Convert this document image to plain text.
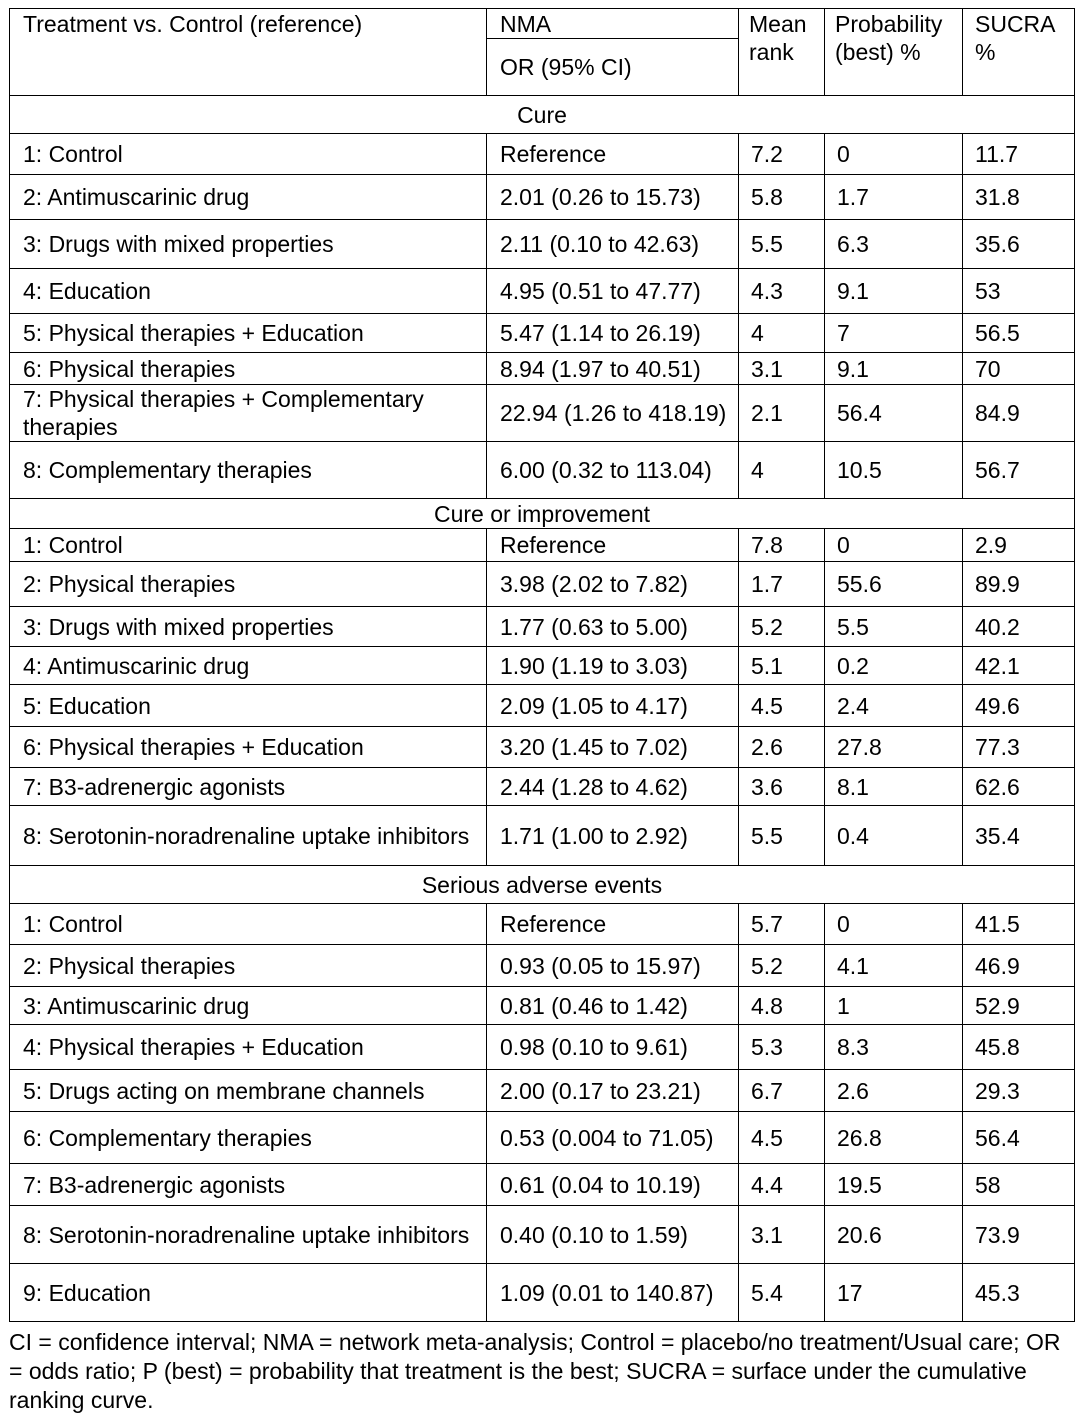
Treatment vs. Control (reference)	NMA	Mean rank	Probability (best) %	SUCRA %
	OR (95% CI)			
Cure				
1: Control	Reference	7.2	0	11.7
2: Antimuscarinic drug	2.01 (0.26 to 15.73)	5.8	1.7	31.8
3: Drugs with mixed properties	2.11 (0.10 to 42.63)	5.5	6.3	35.6
4: Education	4.95 (0.51 to 47.77)	4.3	9.1	53
5: Physical therapies + Education	5.47 (1.14 to 26.19)	4	7	56.5
6: Physical therapies	8.94 (1.97 to 40.51)	3.1	9.1	70
7: Physical therapies + Complementary therapies	22.94 (1.26 to 418.19)	2.1	56.4	84.9
8: Complementary therapies	6.00 (0.32 to 113.04)	4	10.5	56.7
Cure or improvement				
1: Control	Reference	7.8	0	2.9
2: Physical therapies	3.98 (2.02 to 7.82)	1.7	55.6	89.9
3: Drugs with mixed properties	1.77 (0.63 to 5.00)	5.2	5.5	40.2
4: Antimuscarinic drug	1.90 (1.19 to 3.03)	5.1	0.2	42.1
5: Education	2.09 (1.05 to 4.17)	4.5	2.4	49.6
6: Physical therapies + Education	3.20 (1.45 to 7.02)	2.6	27.8	77.3
7: B3-adrenergic agonists	2.44 (1.28 to 4.62)	3.6	8.1	62.6
8: Serotonin-noradrenaline uptake inhibitors	1.71 (1.00 to 2.92)	5.5	0.4	35.4
Serious adverse events				
1: Control	Reference	5.7	0	41.5
2: Physical therapies	0.93 (0.05 to 15.97)	5.2	4.1	46.9
3: Antimuscarinic drug	0.81 (0.46 to 1.42)	4.8	1	52.9
4: Physical therapies + Education	0.98 (0.10 to 9.61)	5.3	8.3	45.8
5: Drugs acting on membrane channels	2.00 (0.17 to 23.21)	6.7	2.6	29.3
6: Complementary therapies	0.53 (0.004 to 71.05)	4.5	26.8	56.4
7: B3-adrenergic agonists	0.61 (0.04 to 10.19)	4.4	19.5	58
8: Serotonin-noradrenaline uptake inhibitors	0.40 (0.10 to 1.59)	3.1	20.6	73.9
9: Education	1.09 (0.01 to 140.87)	5.4	17	45.3
CI = confidence interval; NMA = network meta-analysis; Control = placebo/no treatment/Usual care; OR = odds ratio; P (best) = probability that treatment is the best; SUCRA = surface under the cumulative ranking curve.
